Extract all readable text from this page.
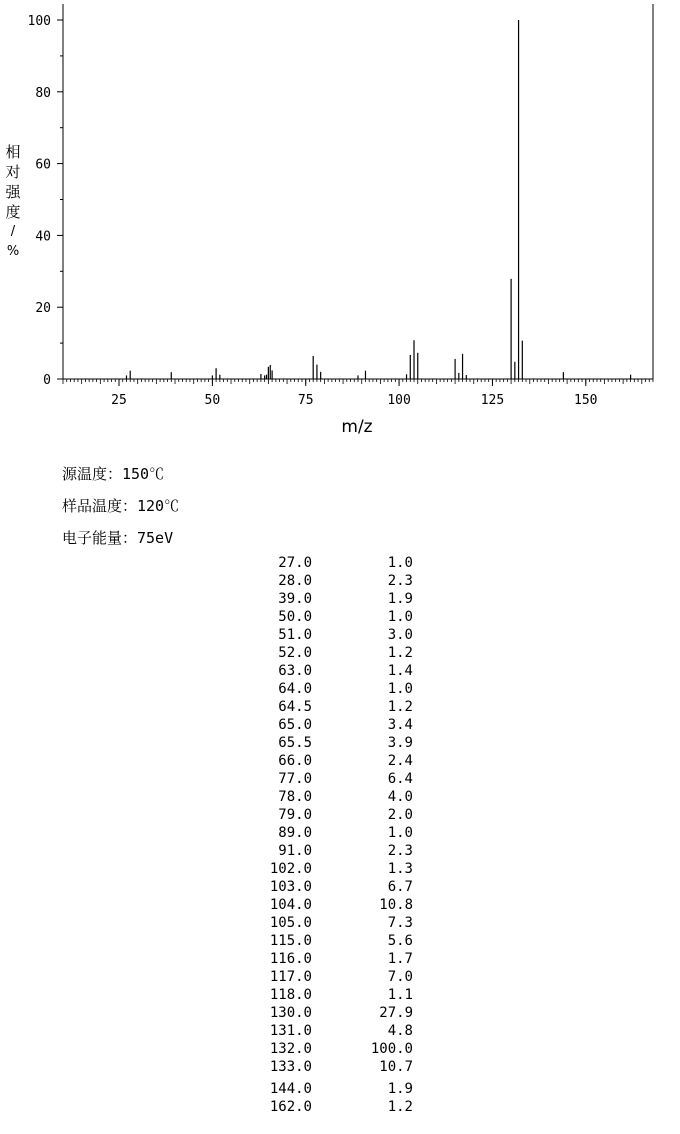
25	50	75	100	125	150
0
20
40
60
80
100
m/z
相
对
强
度
/
%
源温度：150℃
样品温度：120℃
电子能量：75eV
27.0	1.0
28.0	2.3
39.0	1.9
50.0	1.0
51.0	3.0
52.0	1.2
63.0	1.4
64.0	1.0
64.5	1.2
65.0	3.4
65.5	3.9
66.0	2.4
77.0	6.4
78.0	4.0
79.0	2.0
89.0	1.0
91.0	2.3
102.0	1.3
103.0	6.7
104.0	10.8
105.0	7.3
115.0	5.6
116.0	1.7
117.0	7.0
118.0	1.1
130.0	27.9
131.0	4.8
132.0	100.0
133.0	10.7
144.0	1.9
162.0	1.2
